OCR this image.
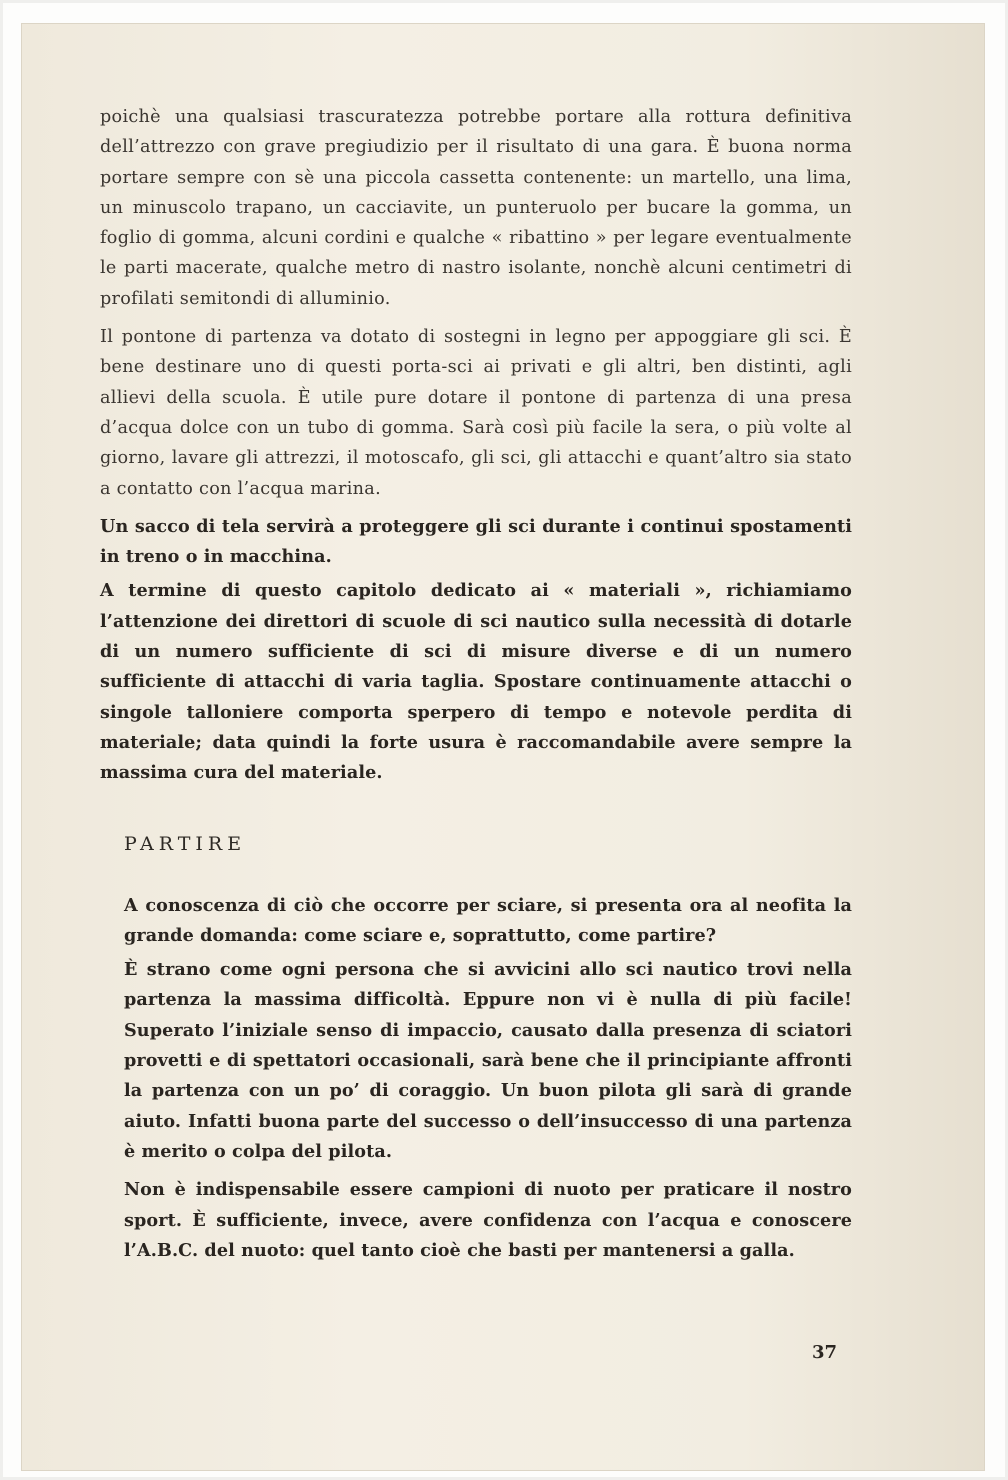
poichè una qualsiasi trascuratezza potrebbe portare alla rottura definitiva dell’attrezzo con grave pregiudizio per il risultato di una gara. È buona norma portare sempre con sè una piccola cassetta contenente: un martello, una lima, un minuscolo trapano, un cacciavite, un punteruolo per bucare la gomma, un foglio di gomma, alcuni cordini e qualche « ribattino » per legare eventualmente le parti macerate, qualche metro di nastro isolante, nonchè alcuni centimetri di profilati semitondi di alluminio.

Il pontone di partenza va dotato di sostegni in legno per appoggiare gli sci. È bene destinare uno di questi porta-sci ai privati e gli altri, ben distinti, agli allievi della scuola. È utile pure dotare il pontone di partenza di una presa d’acqua dolce con un tubo di gomma. Sarà così più facile la sera, o più volte al giorno, lavare gli attrezzi, il motoscafo, gli sci, gli attacchi e quant’altro sia stato a contatto con l’acqua marina.

Un sacco di tela servirà a proteggere gli sci durante i continui spostamenti in treno o in macchina.

A termine di questo capitolo dedicato ai « materiali », richiamiamo l’attenzione dei direttori di scuole di sci nautico sulla necessità di dotarle di un numero sufficiente di sci di misure diverse e di un numero sufficiente di attacchi di varia taglia. Spostare continuamente attacchi o singole talloniere comporta sperpero di tempo e notevole perdita di materiale; data quindi la forte usura è raccomandabile avere sempre la massima cura del materiale.

PARTIRE

A conoscenza di ciò che occorre per sciare, si presenta ora al neofita la grande domanda: come sciare e, soprattutto, come partire?

È strano come ogni persona che si avvicini allo sci nautico trovi nella partenza la massima difficoltà. Eppure non vi è nulla di più facile! Superato l’iniziale senso di impaccio, causato dalla presenza di sciatori provetti e di spettatori occasionali, sarà bene che il principiante affronti la partenza con un po’ di coraggio. Un buon pilota gli sarà di grande aiuto. Infatti buona parte del successo o dell’insuccesso di una partenza è merito o colpa del pilota.

Non è indispensabile essere campioni di nuoto per praticare il nostro sport. È sufficiente, invece, avere confidenza con l’acqua e conoscere l’A.B.C. del nuoto: quel tanto cioè che basti per mantenersi a galla.

37
